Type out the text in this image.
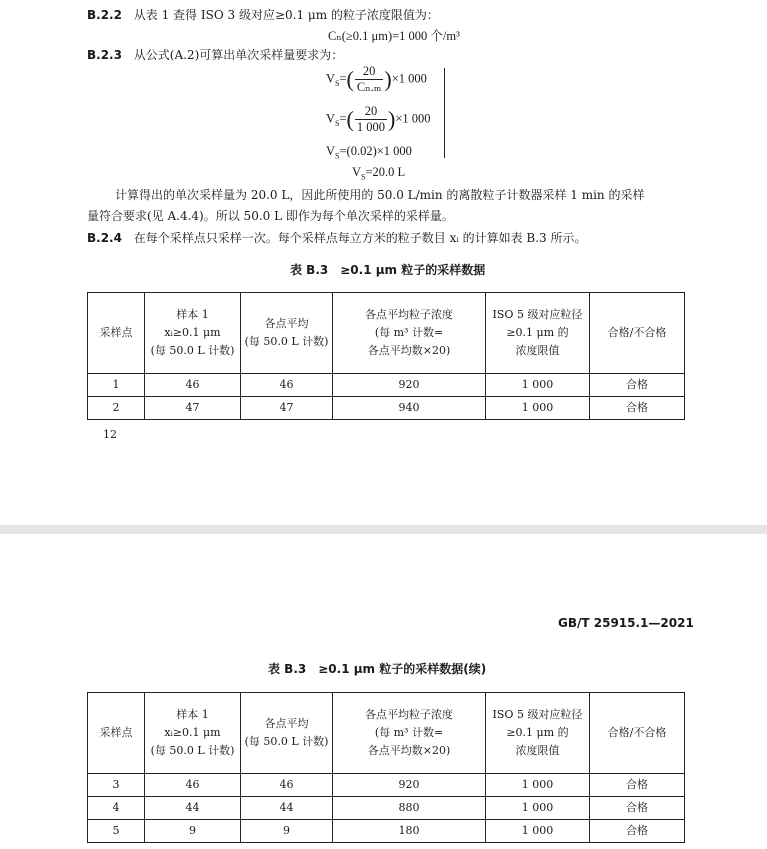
B.2.2 从表 1 查得 ISO 3 级对应≥0.1 μm 的粒子浓度限值为：
Cₙ(≥0.1 μm)=1 000 个/m³
B.2.3 从公式(A.2)可算出单次采样量要求为：
$V_S=( \frac{20}{\text{Cₙ.ₘ}} )\times 1$ 000
$V_S=( \frac{20}{1 000} )\times 1$ 000
$V_S=(0.02)\times 1$ 000
$V_S=20.0$ L
计算得出的单次采样量为 20.0 L，因此所使用的 50.0 L/min 的离散粒子计数器采样 1 min 的采样
量符合要求(见 A.4.4)。所以 50.0 L 即作为每个单次采样的采样量。
B.2.4 在每个采样点只采样一次。每个采样点每立方米的粒子数目 xᵢ 的计算如表 B.3 所示。
表 B.3　≥0.1 μm 粒子的采样数据
采样点	样本 1
xᵢ≥0.1 μm
(每 50.0 L 计数)	各点平均
(每 50.0 L 计数)	各点平均粒子浓度
(每 m³ 计数=
各点平均数×20)	ISO 5 级对应粒径
≥0.1 μm 的
浓度限值	合格/不合格
1	46	46	920	1 000	合格
2	47	47	940	1 000	合格
12
GB/T 25915.1—2021
表 B.3　≥0.1 μm 粒子的采样数据(续)
采样点	样本 1
xᵢ≥0.1 μm
(每 50.0 L 计数)	各点平均
(每 50.0 L 计数)	各点平均粒子浓度
(每 m³ 计数=
各点平均数×20)	ISO 5 级对应粒径
≥0.1 μm 的
浓度限值	合格/不合格
3	46	46	920	1 000	合格
4	44	44	880	1 000	合格
5	9	9	180	1 000	合格
